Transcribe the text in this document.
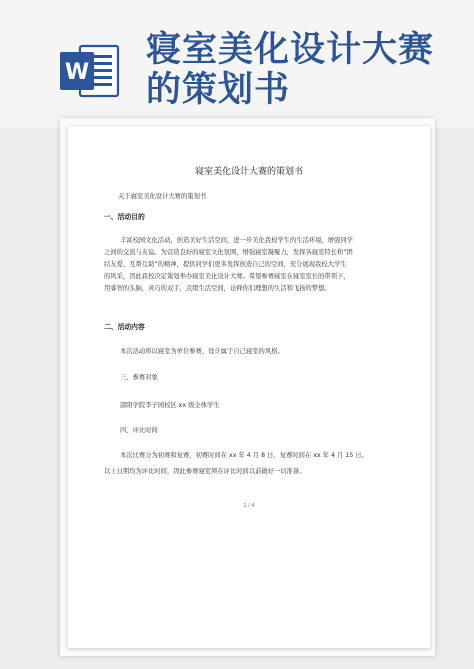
W
寝室美化设计大赛
的策划书
寝室美化设计大赛的策划书

关于寝室美化设计大赛的策划书

一、活动目的

丰富校园文化活动，创造美好生活空间，进一步美化我校学生的生活环境，增强同学

之间的交流与友谊。为营造良好的寝室文化氛围，增强寝室凝聚力，发挥各寝室特长和“团

结友爱、互帮互助”的精神，提供同学们更多发挥创造自己的空间，充分展现我校大学生

的风采，因此我校决定策划举办寝室美化设计大赛。希望参赛寝室在寝室室长的带领下，

用睿智的头脑，灵巧的双手，点缀生活空间，诠释你们理想的生活和飞扬的梦想。

二、活动内容

本次活动将以寝室为单位参赛，设计属于自己寝室的风格。

三、参赛对象

邵阳学院李子园校区 xx 级全体学生

四、评比时间

本次比赛分为初赛和复赛，初赛时间在 xx 年 4 月 8 日，复赛时间在 xx 年 4 月 15 日。

以上日期均为评比时间，因此参赛寝室须在评比时间以前做好一切准备。

1 / 4
